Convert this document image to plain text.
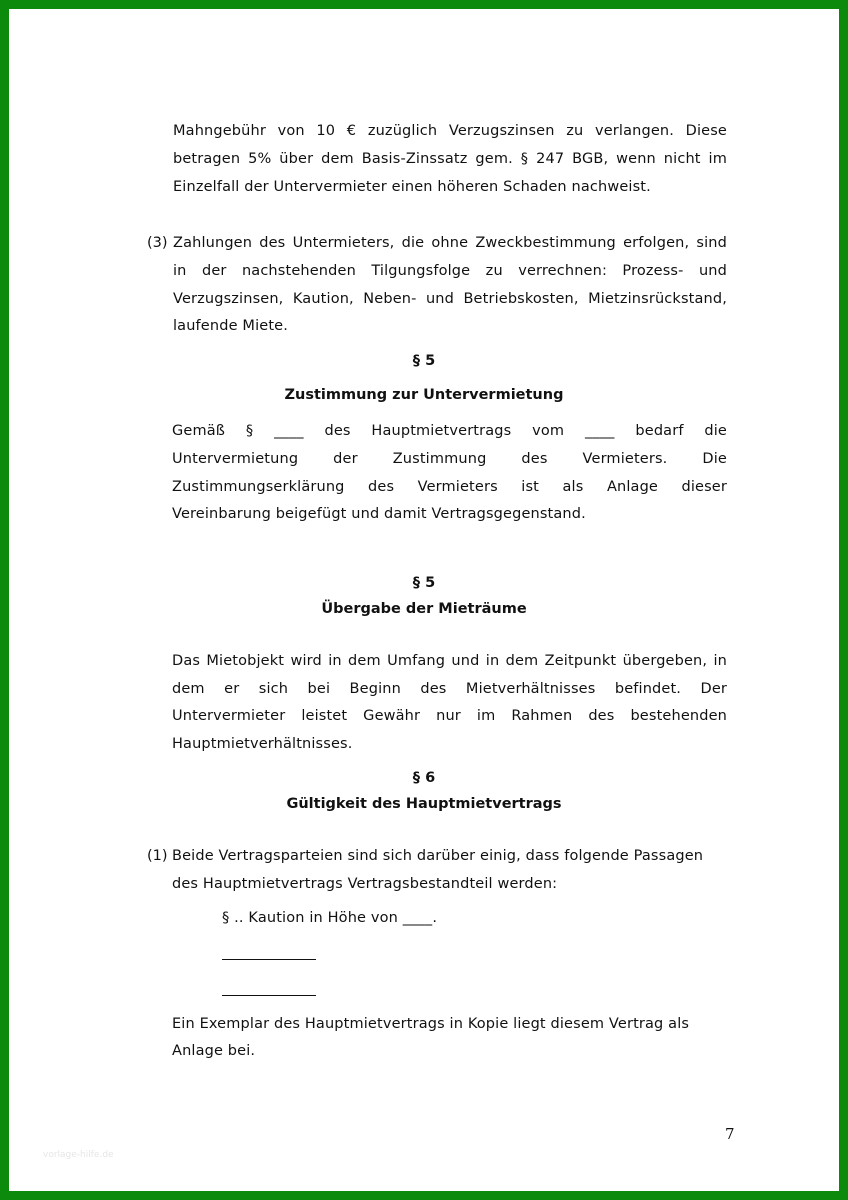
Mahngebühr von 10 € zuzüglich Verzugszinsen zu verlangen. Diese
betragen 5% über dem Basis-Zinssatz gem. § 247 BGB, wenn nicht im
Einzelfall der Untervermieter einen höheren Schaden nachweist.
(3) Zahlungen des Untermieters, die ohne Zweckbestimmung erfolgen, sind
in der nachstehenden Tilgungsfolge zu verrechnen: Prozess- und
Verzugszinsen, Kaution, Neben- und Betriebskosten, Mietzinsrückstand,
laufende Miete.
§ 5
Zustimmung zur Untervermietung
Gemäß § ____ des Hauptmietvertrags vom ____ bedarf die
Untervermietung der Zustimmung des Vermieters. Die
Zustimmungserklärung des Vermieters ist als Anlage dieser
Vereinbarung beigefügt und damit Vertragsgegenstand.
§ 5
Übergabe der Mieträume
Das Mietobjekt wird in dem Umfang und in dem Zeitpunkt übergeben, in
dem er sich bei Beginn des Mietverhältnisses befindet. Der
Untervermieter leistet Gewähr nur im Rahmen des bestehenden
Hauptmietverhältnisses.
§ 6
Gültigkeit des Hauptmietvertrags
(1) Beide Vertragsparteien sind sich darüber einig, dass folgende Passagen
des Hauptmietvertrags Vertragsbestandteil werden:
§ .. Kaution in Höhe von ____.
Ein Exemplar des Hauptmietvertrags in Kopie liegt diesem Vertrag als
Anlage bei.
7
vorlage-hilfe.de
